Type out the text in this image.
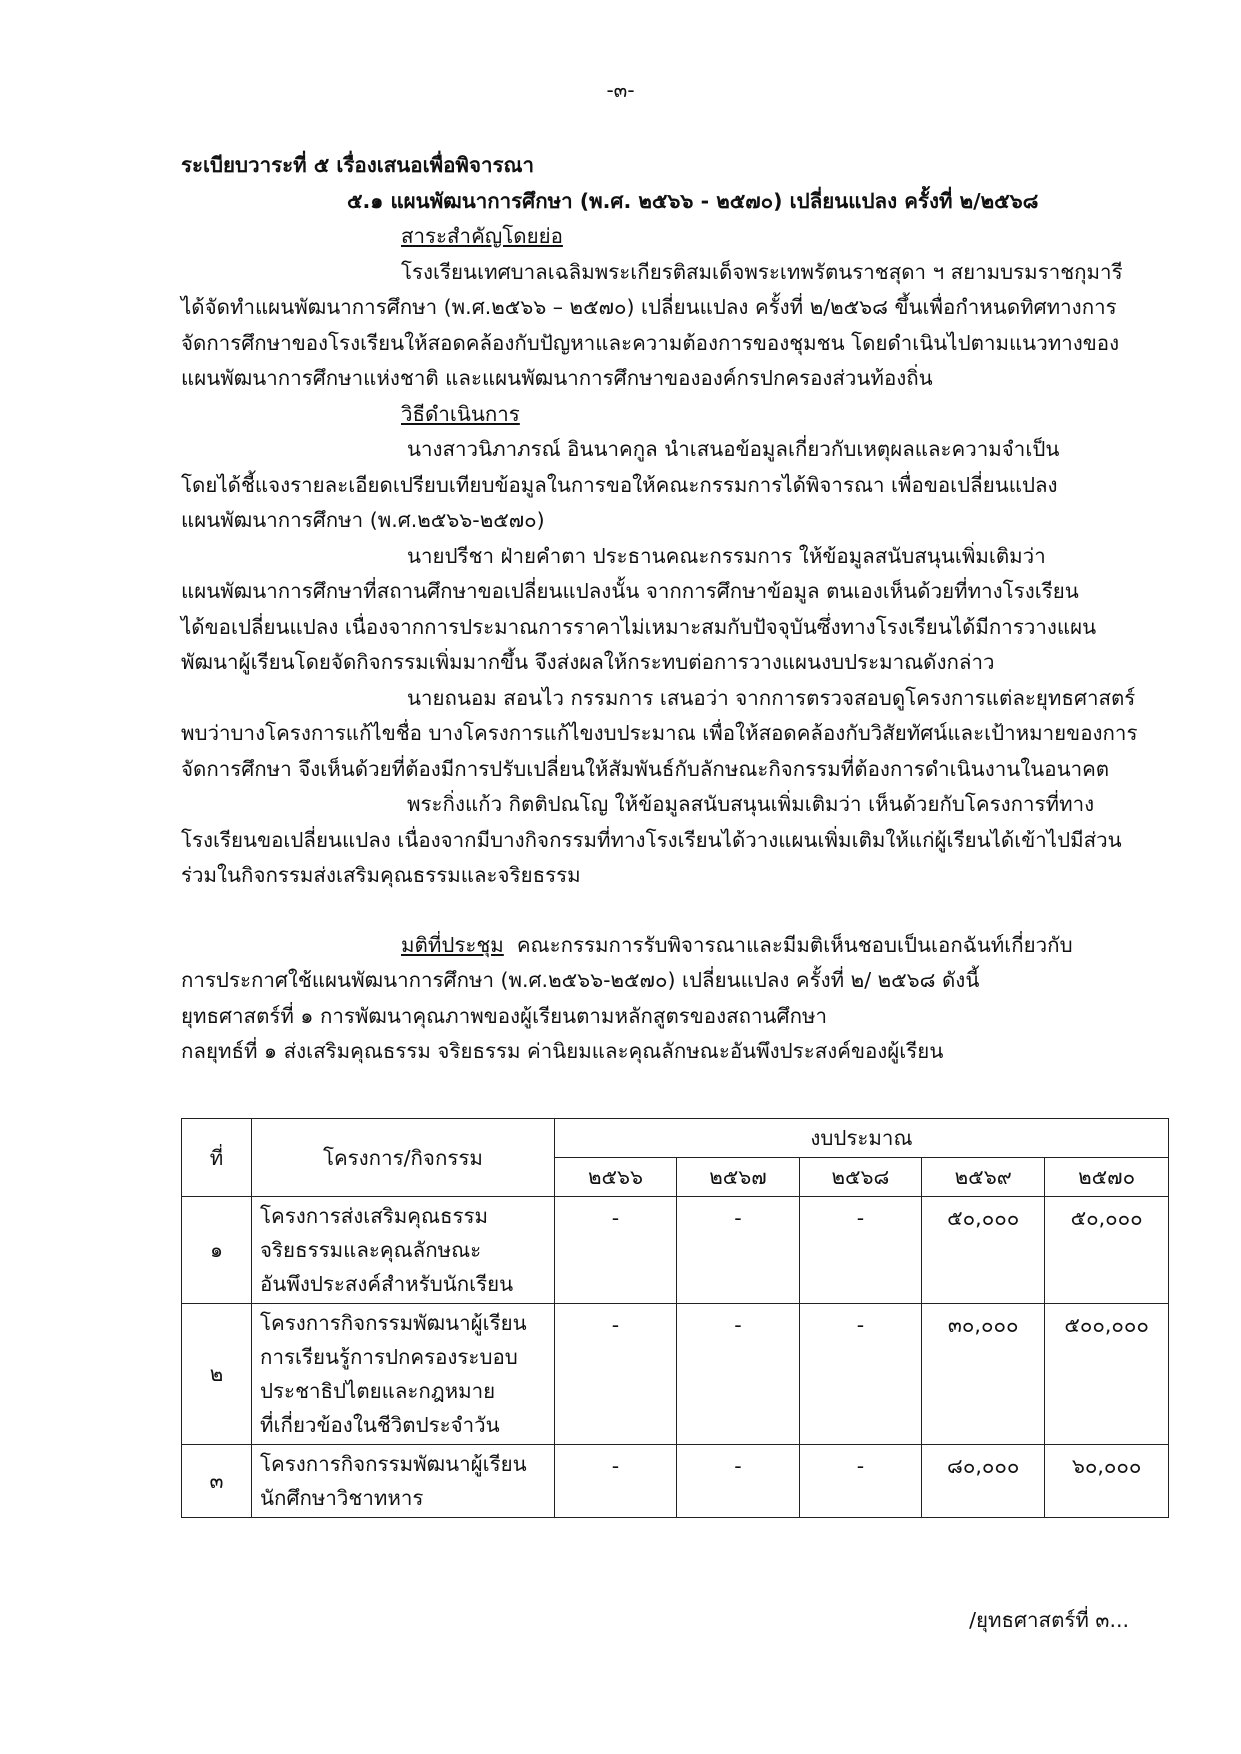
-๓-

ระเบียบวาระที่ ๕ เรื่องเสนอเพื่อพิจารณา

๕.๑ แผนพัฒนาการศึกษา (พ.ศ. ๒๕๖๖ - ๒๕๗๐) เปลี่ยนแปลง ครั้งที่ ๒/๒๕๖๘

สาระสำคัญโดยย่อ

โรงเรียนเทศบาลเฉลิมพระเกียรติสมเด็จพระเทพรัตนราชสุดา ฯ สยามบรมราชกุมารี

ได้จัดทำแผนพัฒนาการศึกษา (พ.ศ.๒๕๖๖ – ๒๕๗๐) เปลี่ยนแปลง ครั้งที่ ๒/๒๕๖๘ ขึ้นเพื่อกำหนดทิศทางการ

จัดการศึกษาของโรงเรียนให้สอดคล้องกับปัญหาและความต้องการของชุมชน โดยดำเนินไปตามแนวทางของ

แผนพัฒนาการศึกษาแห่งชาติ และแผนพัฒนาการศึกษาขององค์กรปกครองส่วนท้องถิ่น

วิธีดำเนินการ

นางสาวนิภาภรณ์ อินนาคกูล นำเสนอข้อมูลเกี่ยวกับเหตุผลและความจำเป็น

โดยได้ชี้แจงรายละเอียดเปรียบเทียบข้อมูลในการขอให้คณะกรรมการได้พิจารณา เพื่อขอเปลี่ยนแปลง

แผนพัฒนาการศึกษา (พ.ศ.๒๕๖๖-๒๕๗๐)

นายปรีชา ฝ่ายคำตา ประธานคณะกรรมการ ให้ข้อมูลสนับสนุนเพิ่มเติมว่า

แผนพัฒนาการศึกษาที่สถานศึกษาขอเปลี่ยนแปลงนั้น จากการศึกษาข้อมูล ตนเองเห็นด้วยที่ทางโรงเรียน

ได้ขอเปลี่ยนแปลง เนื่องจากการประมาณการราคาไม่เหมาะสมกับปัจจุบันซึ่งทางโรงเรียนได้มีการวางแผน

พัฒนาผู้เรียนโดยจัดกิจกรรมเพิ่มมากขึ้น จึงส่งผลให้กระทบต่อการวางแผนงบประมาณดังกล่าว

นายถนอม สอนไว กรรมการ เสนอว่า จากการตรวจสอบดูโครงการแต่ละยุทธศาสตร์

พบว่าบางโครงการแก้ไขชื่อ บางโครงการแก้ไขงบประมาณ เพื่อให้สอดคล้องกับวิสัยทัศน์และเป้าหมายของการ

จัดการศึกษา จึงเห็นด้วยที่ต้องมีการปรับเปลี่ยนให้สัมพันธ์กับลักษณะกิจกรรมที่ต้องการดำเนินงานในอนาคต

พระกิ่งแก้ว กิตติปณโญ ให้ข้อมูลสนับสนุนเพิ่มเติมว่า เห็นด้วยกับโครงการที่ทาง

โรงเรียนขอเปลี่ยนแปลง เนื่องจากมีบางกิจกรรมที่ทางโรงเรียนได้วางแผนเพิ่มเติมให้แก่ผู้เรียนได้เข้าไปมีส่วน

ร่วมในกิจกรรมส่งเสริมคุณธรรมและจริยธรรม

มติที่ประชุม  คณะกรรมการรับพิจารณาและมีมติเห็นชอบเป็นเอกฉันท์เกี่ยวกับ

การประกาศใช้แผนพัฒนาการศึกษา (พ.ศ.๒๕๖๖-๒๕๗๐) เปลี่ยนแปลง ครั้งที่ ๒/ ๒๕๖๘ ดังนี้

ยุทธศาสตร์ที่ ๑ การพัฒนาคุณภาพของผู้เรียนตามหลักสูตรของสถานศึกษา

กลยุทธ์ที่ ๑ ส่งเสริมคุณธรรม จริยธรรม ค่านิยมและคุณลักษณะอันพึงประสงค์ของผู้เรียน

ที่	โครงการ/กิจกรรม	งบประมาณ				
		๒๕๖๖	๒๕๖๗	๒๕๖๘	๒๕๖๙	๒๕๗๐
๑	โครงการส่งเสริมคุณธรรม
จริยธรรมและคุณลักษณะ
อันพึงประสงค์สำหรับนักเรียน	-	-	-	๕๐,๐๐๐	๕๐,๐๐๐
๒	โครงการกิจกรรมพัฒนาผู้เรียน
การเรียนรู้การปกครองระบอบ
ประชาธิปไตยและกฎหมาย
ที่เกี่ยวข้องในชีวิตประจำวัน	-	-	-	๓๐,๐๐๐	๕๐๐,๐๐๐
๓	โครงการกิจกรรมพัฒนาผู้เรียน
นักศึกษาวิชาทหาร	-	-	-	๘๐,๐๐๐	๖๐,๐๐๐
/ยุทธศาสตร์ที่ ๓...
